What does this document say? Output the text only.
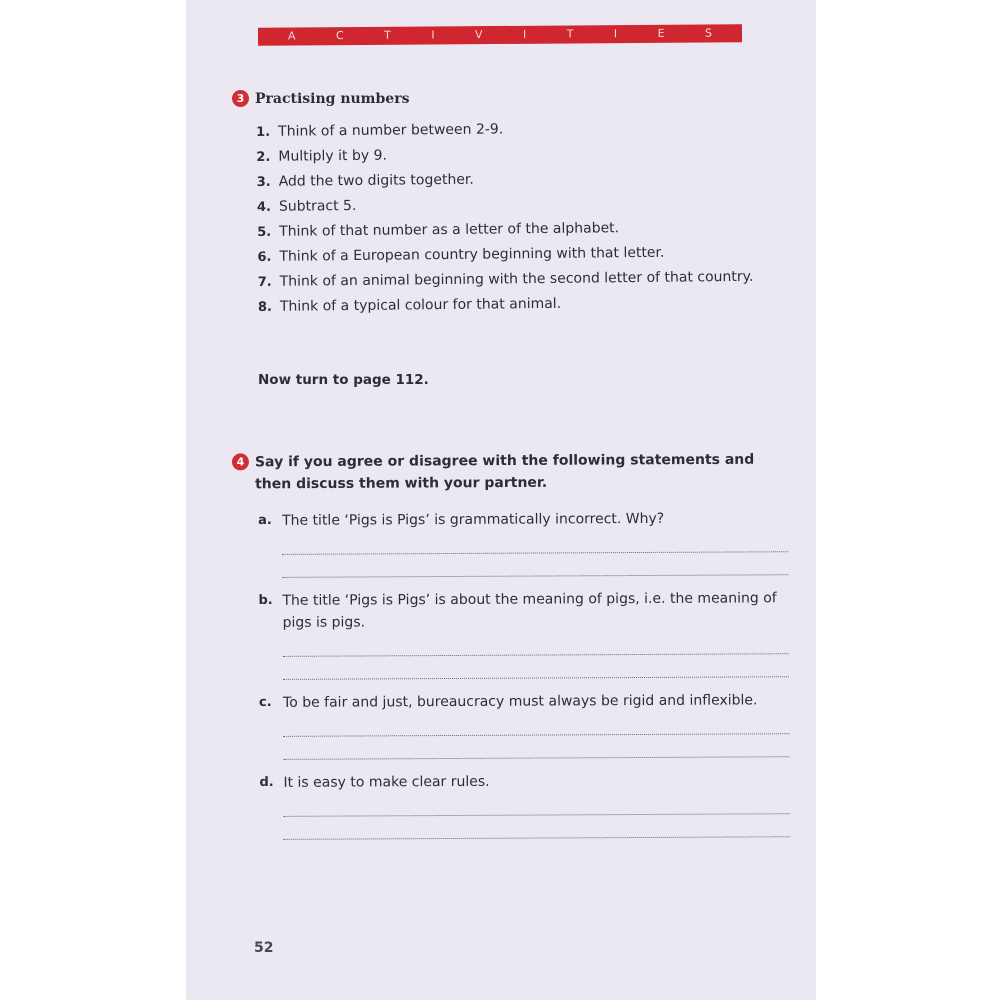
A	C	T	I	V	I	T	I	E	S
3 Practising numbers
1. Think of a number between 2-9.
2. Multiply it by 9.
3. Add the two digits together.
4. Subtract 5.
5. Think of that number as a letter of the alphabet.
6. Think of a European country beginning with that letter.
7. Think of an animal beginning with the second letter of that country.
8. Think of a typical colour for that animal.
Now turn to page 112.
4 Say if you agree or disagree with the following statements and then discuss them with your partner.
a. The title ‘Pigs is Pigs’ is grammatically incorrect. Why?
b. The title ‘Pigs is Pigs’ is about the meaning of pigs, i.e. the meaning of pigs is pigs.
c. To be fair and just, bureaucracy must always be rigid and inflexible.
d. It is easy to make clear rules.
52
